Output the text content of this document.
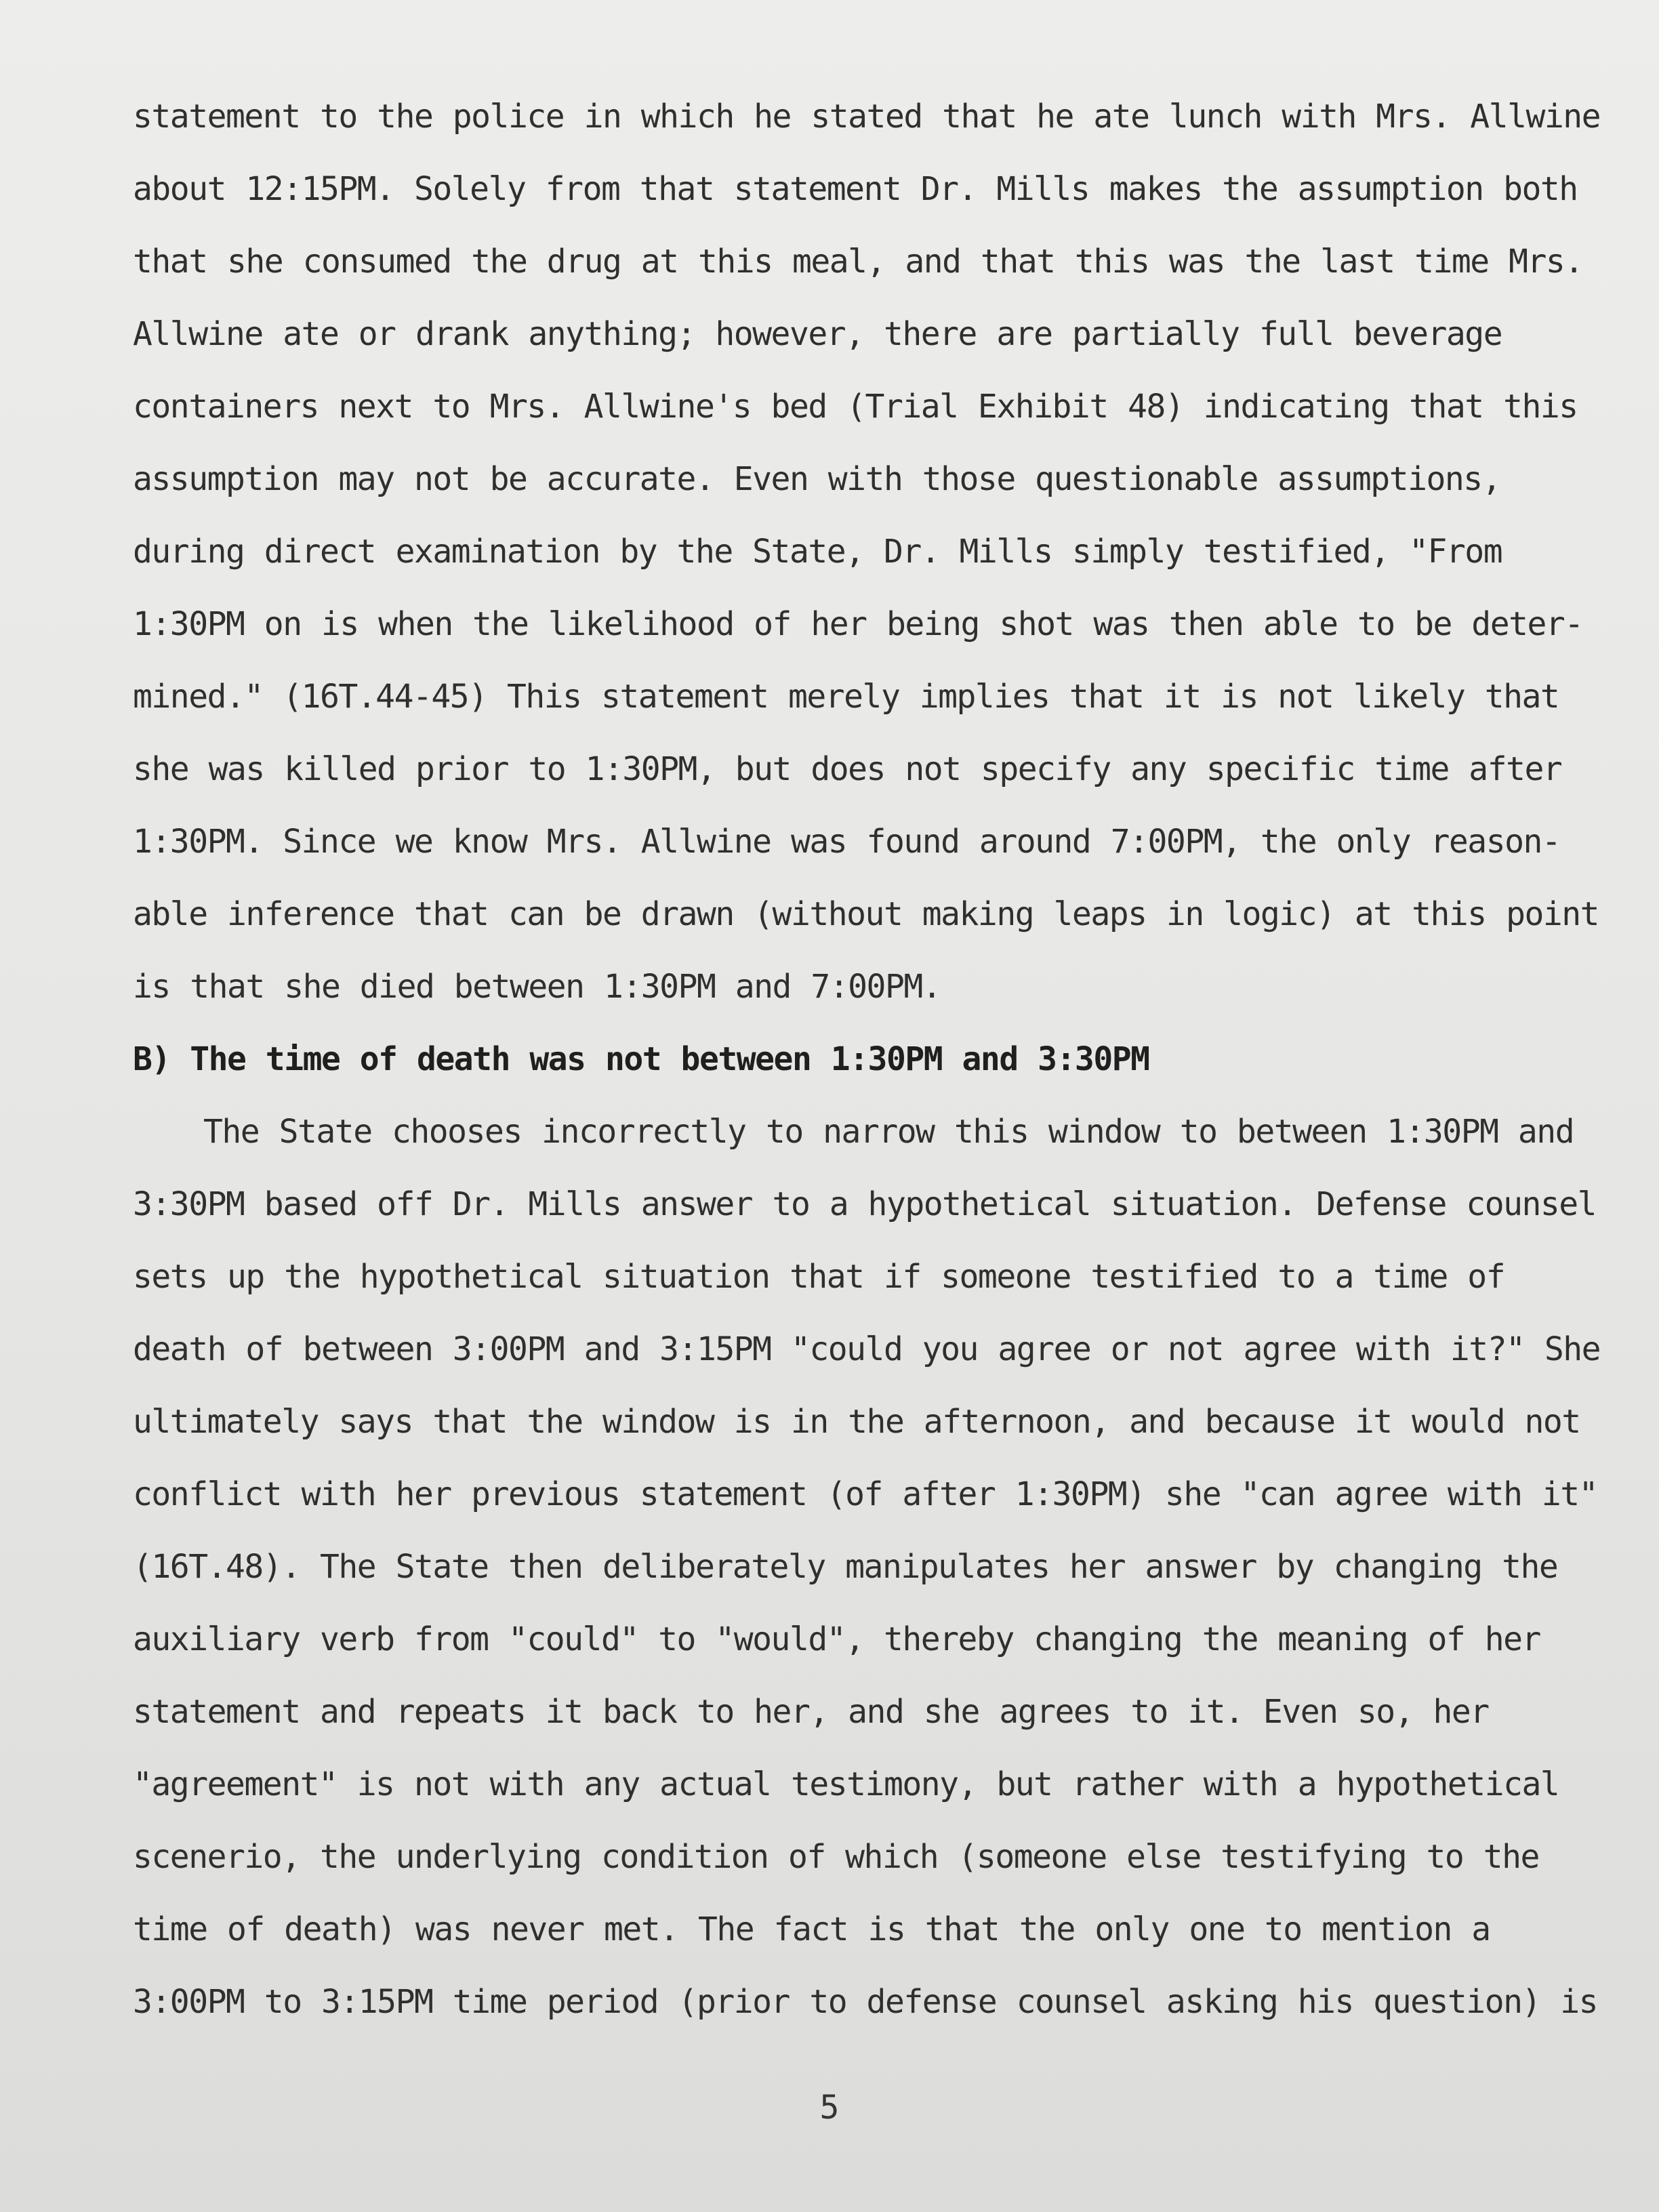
statement to the police in which he stated that he ate lunch with Mrs. Allwine
about 12:15PM. Solely from that statement Dr. Mills makes the assumption both
that she consumed the drug at this meal, and that this was the last time Mrs.
Allwine ate or drank anything; however, there are partially full beverage
containers next to Mrs. Allwine's bed (Trial Exhibit 48) indicating that this
assumption may not be accurate. Even with those questionable assumptions,
during direct examination by the State, Dr. Mills simply testified, "From
1:30PM on is when the likelihood of her being shot was then able to be deter-
mined." (16T.44-45) This statement merely implies that it is not likely that
she was killed prior to 1:30PM, but does not specify any specific time after
1:30PM. Since we know Mrs. Allwine was found around 7:00PM, the only reason-
able inference that can be drawn (without making leaps in logic) at this point
is that she died between 1:30PM and 7:00PM.
B) The time of death was not between 1:30PM and 3:30PM
The State chooses incorrectly to narrow this window to between 1:30PM and
3:30PM based off Dr. Mills answer to a hypothetical situation. Defense counsel
sets up the hypothetical situation that if someone testified to a time of
death of between 3:00PM and 3:15PM "could you agree or not agree with it?" She
ultimately says that the window is in the afternoon, and because it would not
conflict with her previous statement (of after 1:30PM) she "can agree with it"
(16T.48). The State then deliberately manipulates her answer by changing the
auxiliary verb from "could" to "would", thereby changing the meaning of her
statement and repeats it back to her, and she agrees to it. Even so, her
"agreement" is not with any actual testimony, but rather with a hypothetical
scenerio, the underlying condition of which (someone else testifying to the
time of death) was never met. The fact is that the only one to mention a
3:00PM to 3:15PM time period (prior to defense counsel asking his question) is
5
